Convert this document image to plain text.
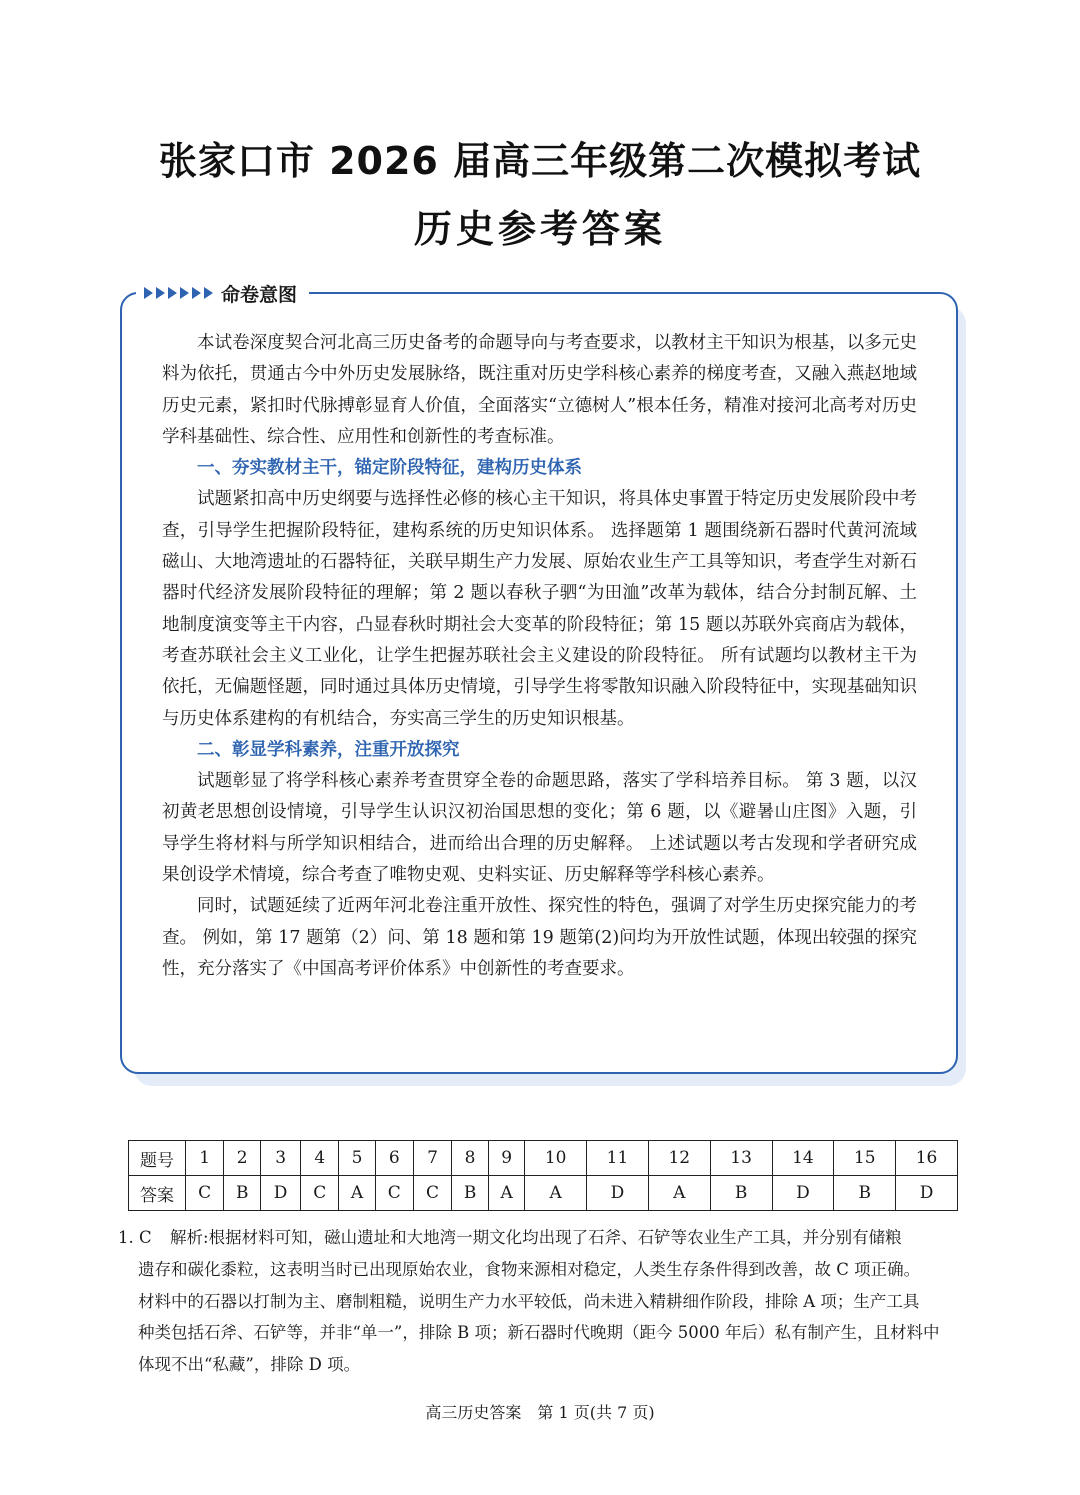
张家口市 2026 届高三年级第二次模拟考试
历史参考答案
命卷意图

本试卷深度契合河北高三历史备考的命题导向与考查要求，以教材主干知识为根基，以多元史料为依托，贯通古今中外历史发展脉络，既注重对历史学科核心素养的梯度考查，又融入燕赵地域历史元素，紧扣时代脉搏彰显育人价值，全面落实“立德树人”根本任务，精准对接河北高考对历史学科基础性、综合性、应用性和创新性的考查标准。

一、夯实教材主干，锚定阶段特征，建构历史体系

试题紧扣高中历史纲要与选择性必修的核心主干知识，将具体史事置于特定历史发展阶段中考查，引导学生把握阶段特征，建构系统的历史知识体系。 选择题第 1 题围绕新石器时代黄河流域磁山、大地湾遗址的石器特征，关联早期生产力发展、原始农业生产工具等知识，考查学生对新石器时代经济发展阶段特征的理解；第 2 题以春秋子驷“为田洫”改革为载体，结合分封制瓦解、土地制度演变等主干内容，凸显春秋时期社会大变革的阶段特征；第 15 题以苏联外宾商店为载体，考查苏联社会主义工业化，让学生把握苏联社会主义建设的阶段特征。 所有试题均以教材主干为依托，无偏题怪题，同时通过具体历史情境，引导学生将零散知识融入阶段特征中，实现基础知识与历史体系建构的有机结合，夯实高三学生的历史知识根基。

二、彰显学科素养，注重开放探究

试题彰显了将学科核心素养考查贯穿全卷的命题思路，落实了学科培养目标。 第 3 题，以汉初黄老思想创设情境，引导学生认识汉初治国思想的变化；第 6 题，以《避暑山庄图》入题，引导学生将材料与所学知识相结合，进而给出合理的历史解释。 上述试题以考古发现和学者研究成果创设学术情境，综合考查了唯物史观、史料实证、历史解释等学科核心素养。

同时，试题延续了近两年河北卷注重开放性、探究性的特色，强调了对学生历史探究能力的考查。 例如，第 17 题第（2）问、第 18 题和第 19 题第(2)问均为开放性试题，体现出较强的探究性，充分落实了《中国高考评价体系》中创新性的考查要求。

题号	1	2	3	4	5	6	7	8	9	10	11	12	13	14	15	16
答案	C	B	D	C	A	C	C	B	A	A	D	A	B	D	B	D
1. C 解析:根据材料可知，磁山遗址和大地湾一期文化均出现了石斧、石铲等农业生产工具，并分别有储粮
遗存和碳化黍粒，这表明当时已出现原始农业，食物来源相对稳定，人类生存条件得到改善，故 C 项正确。
材料中的石器以打制为主、磨制粗糙，说明生产力水平较低，尚未进入精耕细作阶段，排除 A 项；生产工具
种类包括石斧、石铲等，并非“单一”，排除 B 项；新石器时代晚期（距今 5000 年后）私有制产生，且材料中
体现不出“私藏”，排除 D 项。
高三历史答案　第 1 页(共 7 页)
